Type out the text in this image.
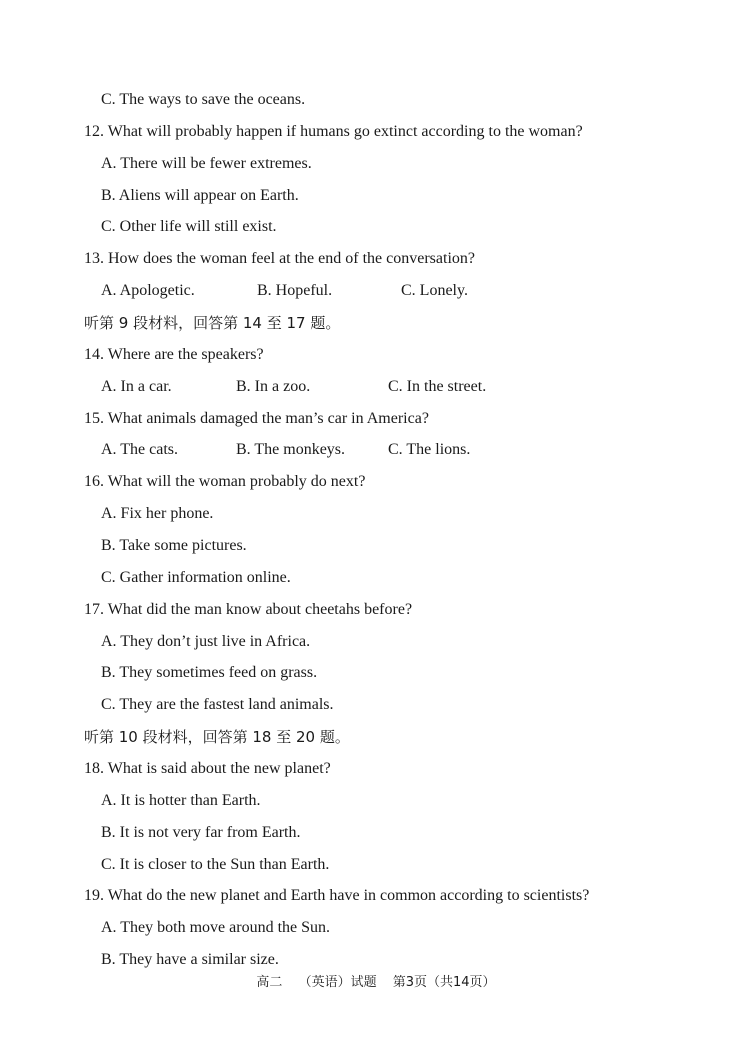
C. The ways to save the oceans.
12. What will probably happen if humans go extinct according to the woman?
A. There will be fewer extremes.
B. Aliens will appear on Earth.
C. Other life will still exist.
13. How does the woman feel at the end of the conversation?
A. Apologetic.	B. Hopeful.	C. Lonely.
听第 9 段材料，回答第 14 至 17 题。
14. Where are the speakers?
A. In a car.	B. In a zoo.	C. In the street.
15. What animals damaged the man’s car in America?
A. The cats.	B. The monkeys.	C. The lions.
16. What will the woman probably do next?
A. Fix her phone.
B. Take some pictures.
C. Gather information online.
17. What did the man know about cheetahs before?
A. They don’t just live in Africa.
B. They sometimes feed on grass.
C. They are the fastest land animals.
听第 10 段材料，回答第 18 至 20 题。
18. What is said about the new planet?
A. It is hotter than Earth.
B. It is not very far from Earth.
C. It is closer to the Sun than Earth.
19. What do the new planet and Earth have in common according to scientists?
A. They both move around the Sun.
B. They have a similar size.
高二 （英语）试题 第3页（共14页）
